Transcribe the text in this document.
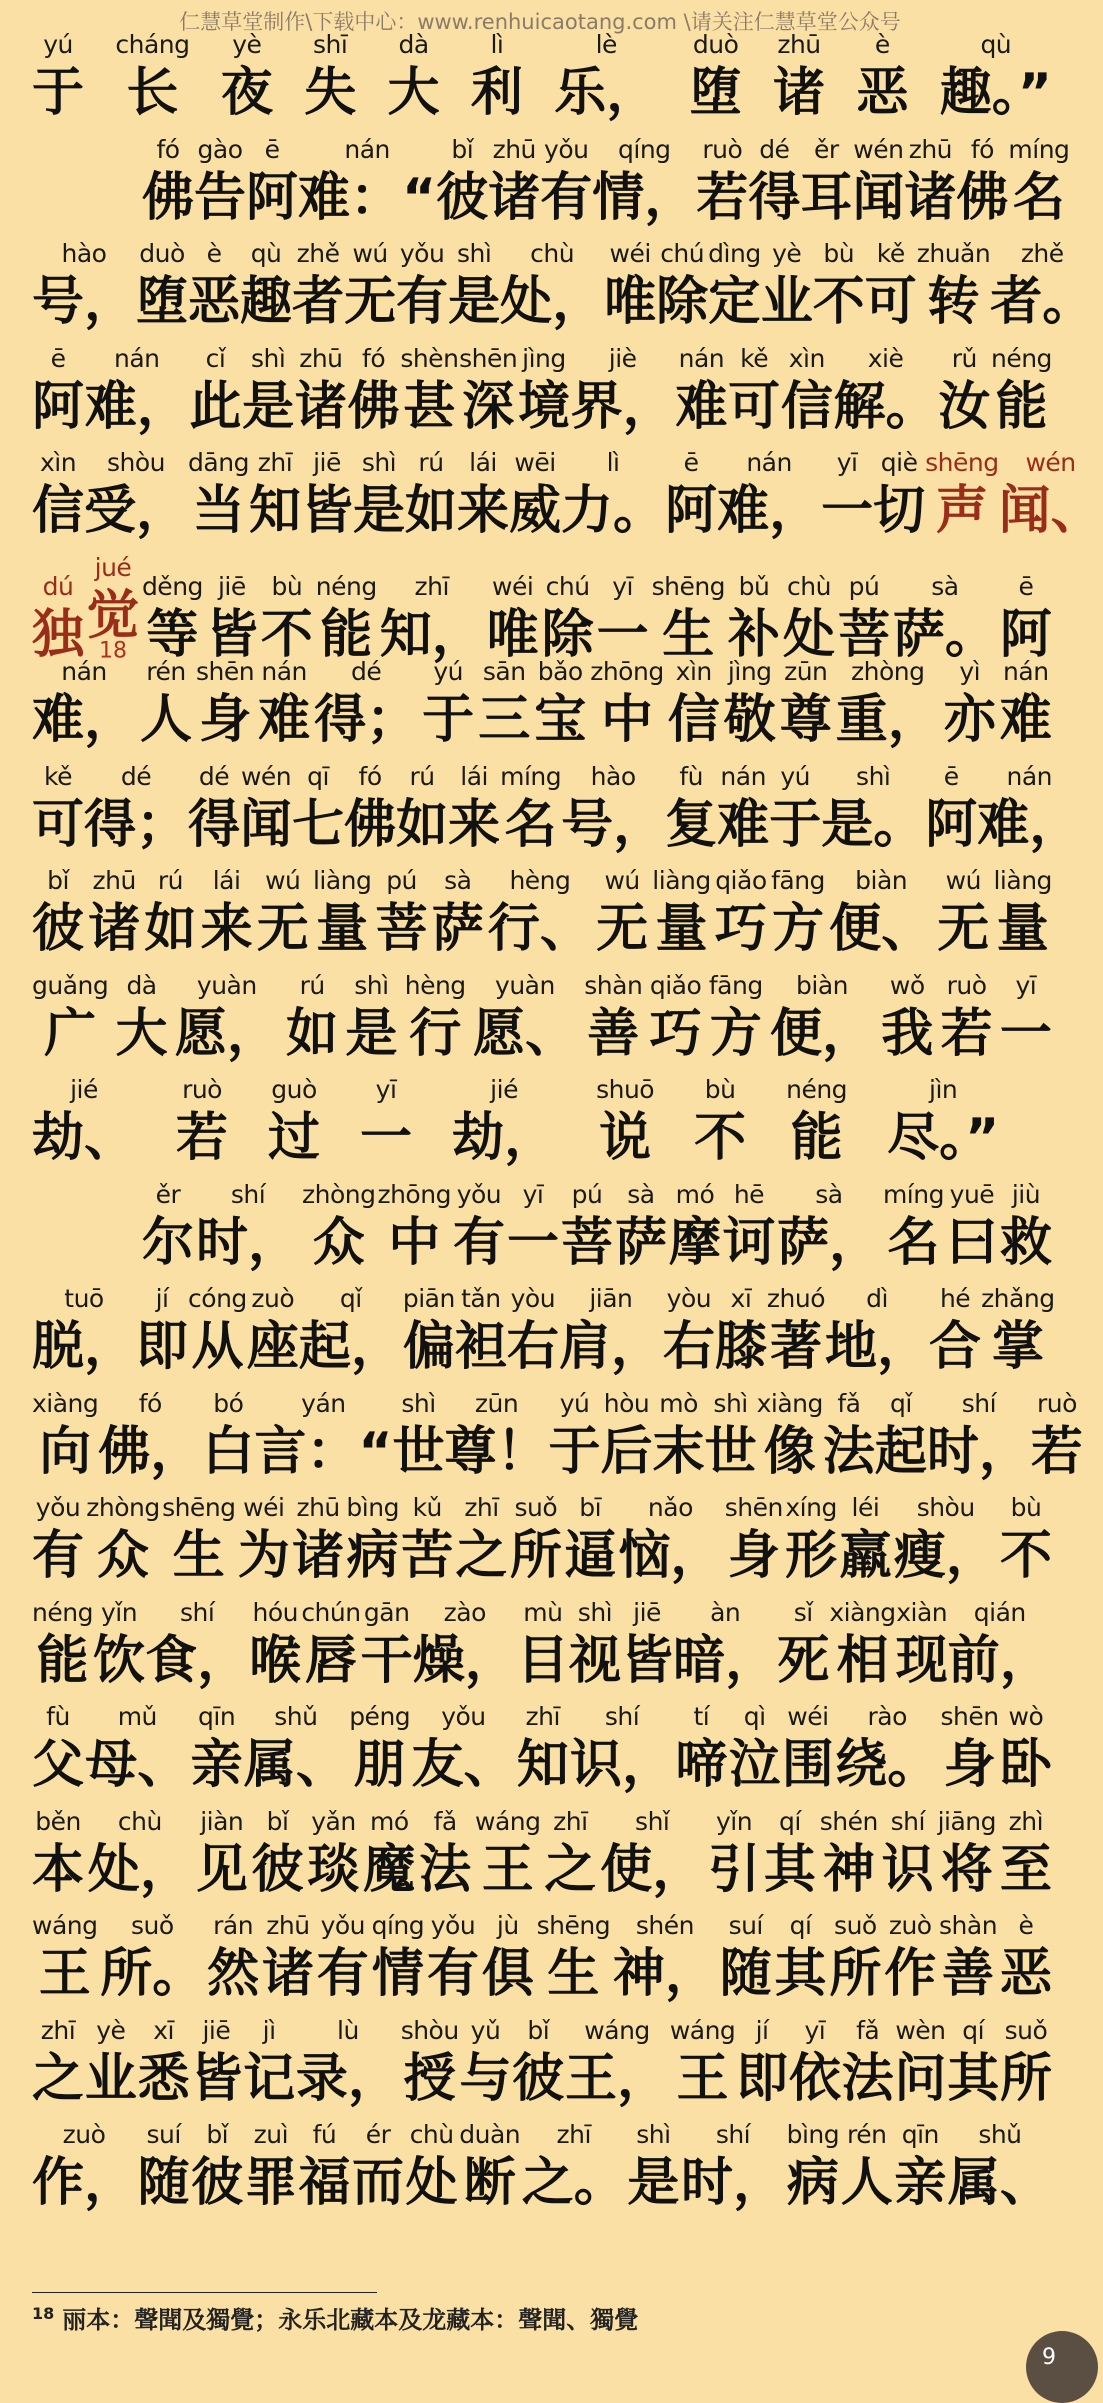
仁慧草堂制作\下载中心：www.renhuicaotang.com \请关注仁慧草堂公众号
yú
于
cháng
长
yè
夜
shī
失
dà
大
lì
利
lè
乐，
duò
堕
zhū
诸
è
恶
qù
趣。”
fó
佛
gào
告
ē
阿
nán
难：“
bǐ
彼
zhū
诸
yǒu
有
qíng
情，
ruò
若
dé
得
ěr
耳
wén
闻
zhū
诸
fó
佛
míng
名
hào
号，
duò
堕
è
恶
qù
趣
zhě
者
wú
无
yǒu
有
shì
是
chù
处，
wéi
唯
chú
除
dìng
定
yè
业
bù
不
kě
可
zhuǎn
转
zhě
者。
ē
阿
nán
难，
cǐ
此
shì
是
zhū
诸
fó
佛
shèn
甚
shēn
深
jìng
境
jiè
界，
nán
难
kě
可
xìn
信
xiè
解。
rǔ
汝
néng
能
xìn
信
shòu
受，
dāng
当
zhī
知
jiē
皆
shì
是
rú
如
lái
来
wēi
威
lì
力。
ē
阿
nán
难，
yī
一
qiè
切
shēng
声
wén
闻、
dú
独
jué
觉
18
děng
等
jiē
皆
bù
不
néng
能
zhī
知，
wéi
唯
chú
除
yī
一
shēng
生
bǔ
补
chù
处
pú
菩
sà
萨。
ē
阿
nán
难，
rén
人
shēn
身
nán
难
dé
得；
yú
于
sān
三
bǎo
宝
zhōng
中
xìn
信
jìng
敬
zūn
尊
zhòng
重，
yì
亦
nán
难
kě
可
dé
得；
dé
得
wén
闻
qī
七
fó
佛
rú
如
lái
来
míng
名
hào
号，
fù
复
nán
难
yú
于
shì
是。
ē
阿
nán
难，
bǐ
彼
zhū
诸
rú
如
lái
来
wú
无
liàng
量
pú
菩
sà
萨
hèng
行、
wú
无
liàng
量
qiǎo
巧
fāng
方
biàn
便、
wú
无
liàng
量
guǎng
广
dà
大
yuàn
愿，
rú
如
shì
是
hèng
行
yuàn
愿、
shàn
善
qiǎo
巧
fāng
方
biàn
便，
wǒ
我
ruò
若
yī
一
jié
劫、
ruò
若
guò
过
yī
一
jié
劫，
shuō
说
bù
不
néng
能
jìn
尽。”
ěr
尔
shí
时，
zhòng
众
zhōng
中
yǒu
有
yī
一
pú
菩
sà
萨
mó
摩
hē
诃
sà
萨，
míng
名
yuē
曰
jiù
救
tuō
脱，
jí
即
cóng
从
zuò
座
qǐ
起，
piān
偏
tǎn
袒
yòu
右
jiān
肩，
yòu
右
xī
膝
zhuó
著
dì
地，
hé
合
zhǎng
掌
xiàng
向
fó
佛，
bó
白
yán
言：“
shì
世
zūn
尊！
yú
于
hòu
后
mò
末
shì
世
xiàng
像
fǎ
法
qǐ
起
shí
时，
ruò
若
yǒu
有
zhòng
众
shēng
生
wéi
为
zhū
诸
bìng
病
kǔ
苦
zhī
之
suǒ
所
bī
逼
nǎo
恼，
shēn
身
xíng
形
léi
羸
shòu
瘦，
bù
不
néng
能
yǐn
饮
shí
食，
hóu
喉
chún
唇
gān
干
zào
燥，
mù
目
shì
视
jiē
皆
àn
暗，
sǐ
死
xiàng
相
xiàn
现
qián
前，
fù
父
mǔ
母、
qīn
亲
shǔ
属、
péng
朋
yǒu
友、
zhī
知
shí
识，
tí
啼
qì
泣
wéi
围
rào
绕。
shēn
身
wò
卧
běn
本
chù
处，
jiàn
见
bǐ
彼
yǎn
琰
mó
魔
fǎ
法
wáng
王
zhī
之
shǐ
使，
yǐn
引
qí
其
shén
神
shí
识
jiāng
将
zhì
至
wáng
王
suǒ
所。
rán
然
zhū
诸
yǒu
有
qíng
情
yǒu
有
jù
俱
shēng
生
shén
神，
suí
随
qí
其
suǒ
所
zuò
作
shàn
善
è
恶
zhī
之
yè
业
xī
悉
jiē
皆
jì
记
lù
录，
shòu
授
yǔ
与
bǐ
彼
wáng
王，
wáng
王
jí
即
yī
依
fǎ
法
wèn
问
qí
其
suǒ
所
zuò
作，
suí
随
bǐ
彼
zuì
罪
fú
福
ér
而
chù
处
duàn
断
zhī
之。
shì
是
shí
时，
bìng
病
rén
人
qīn
亲
shǔ
属、
$^{18}$ 丽本：聲聞及獨覺；永乐北藏本及龙藏本：聲聞、獨覺
9
